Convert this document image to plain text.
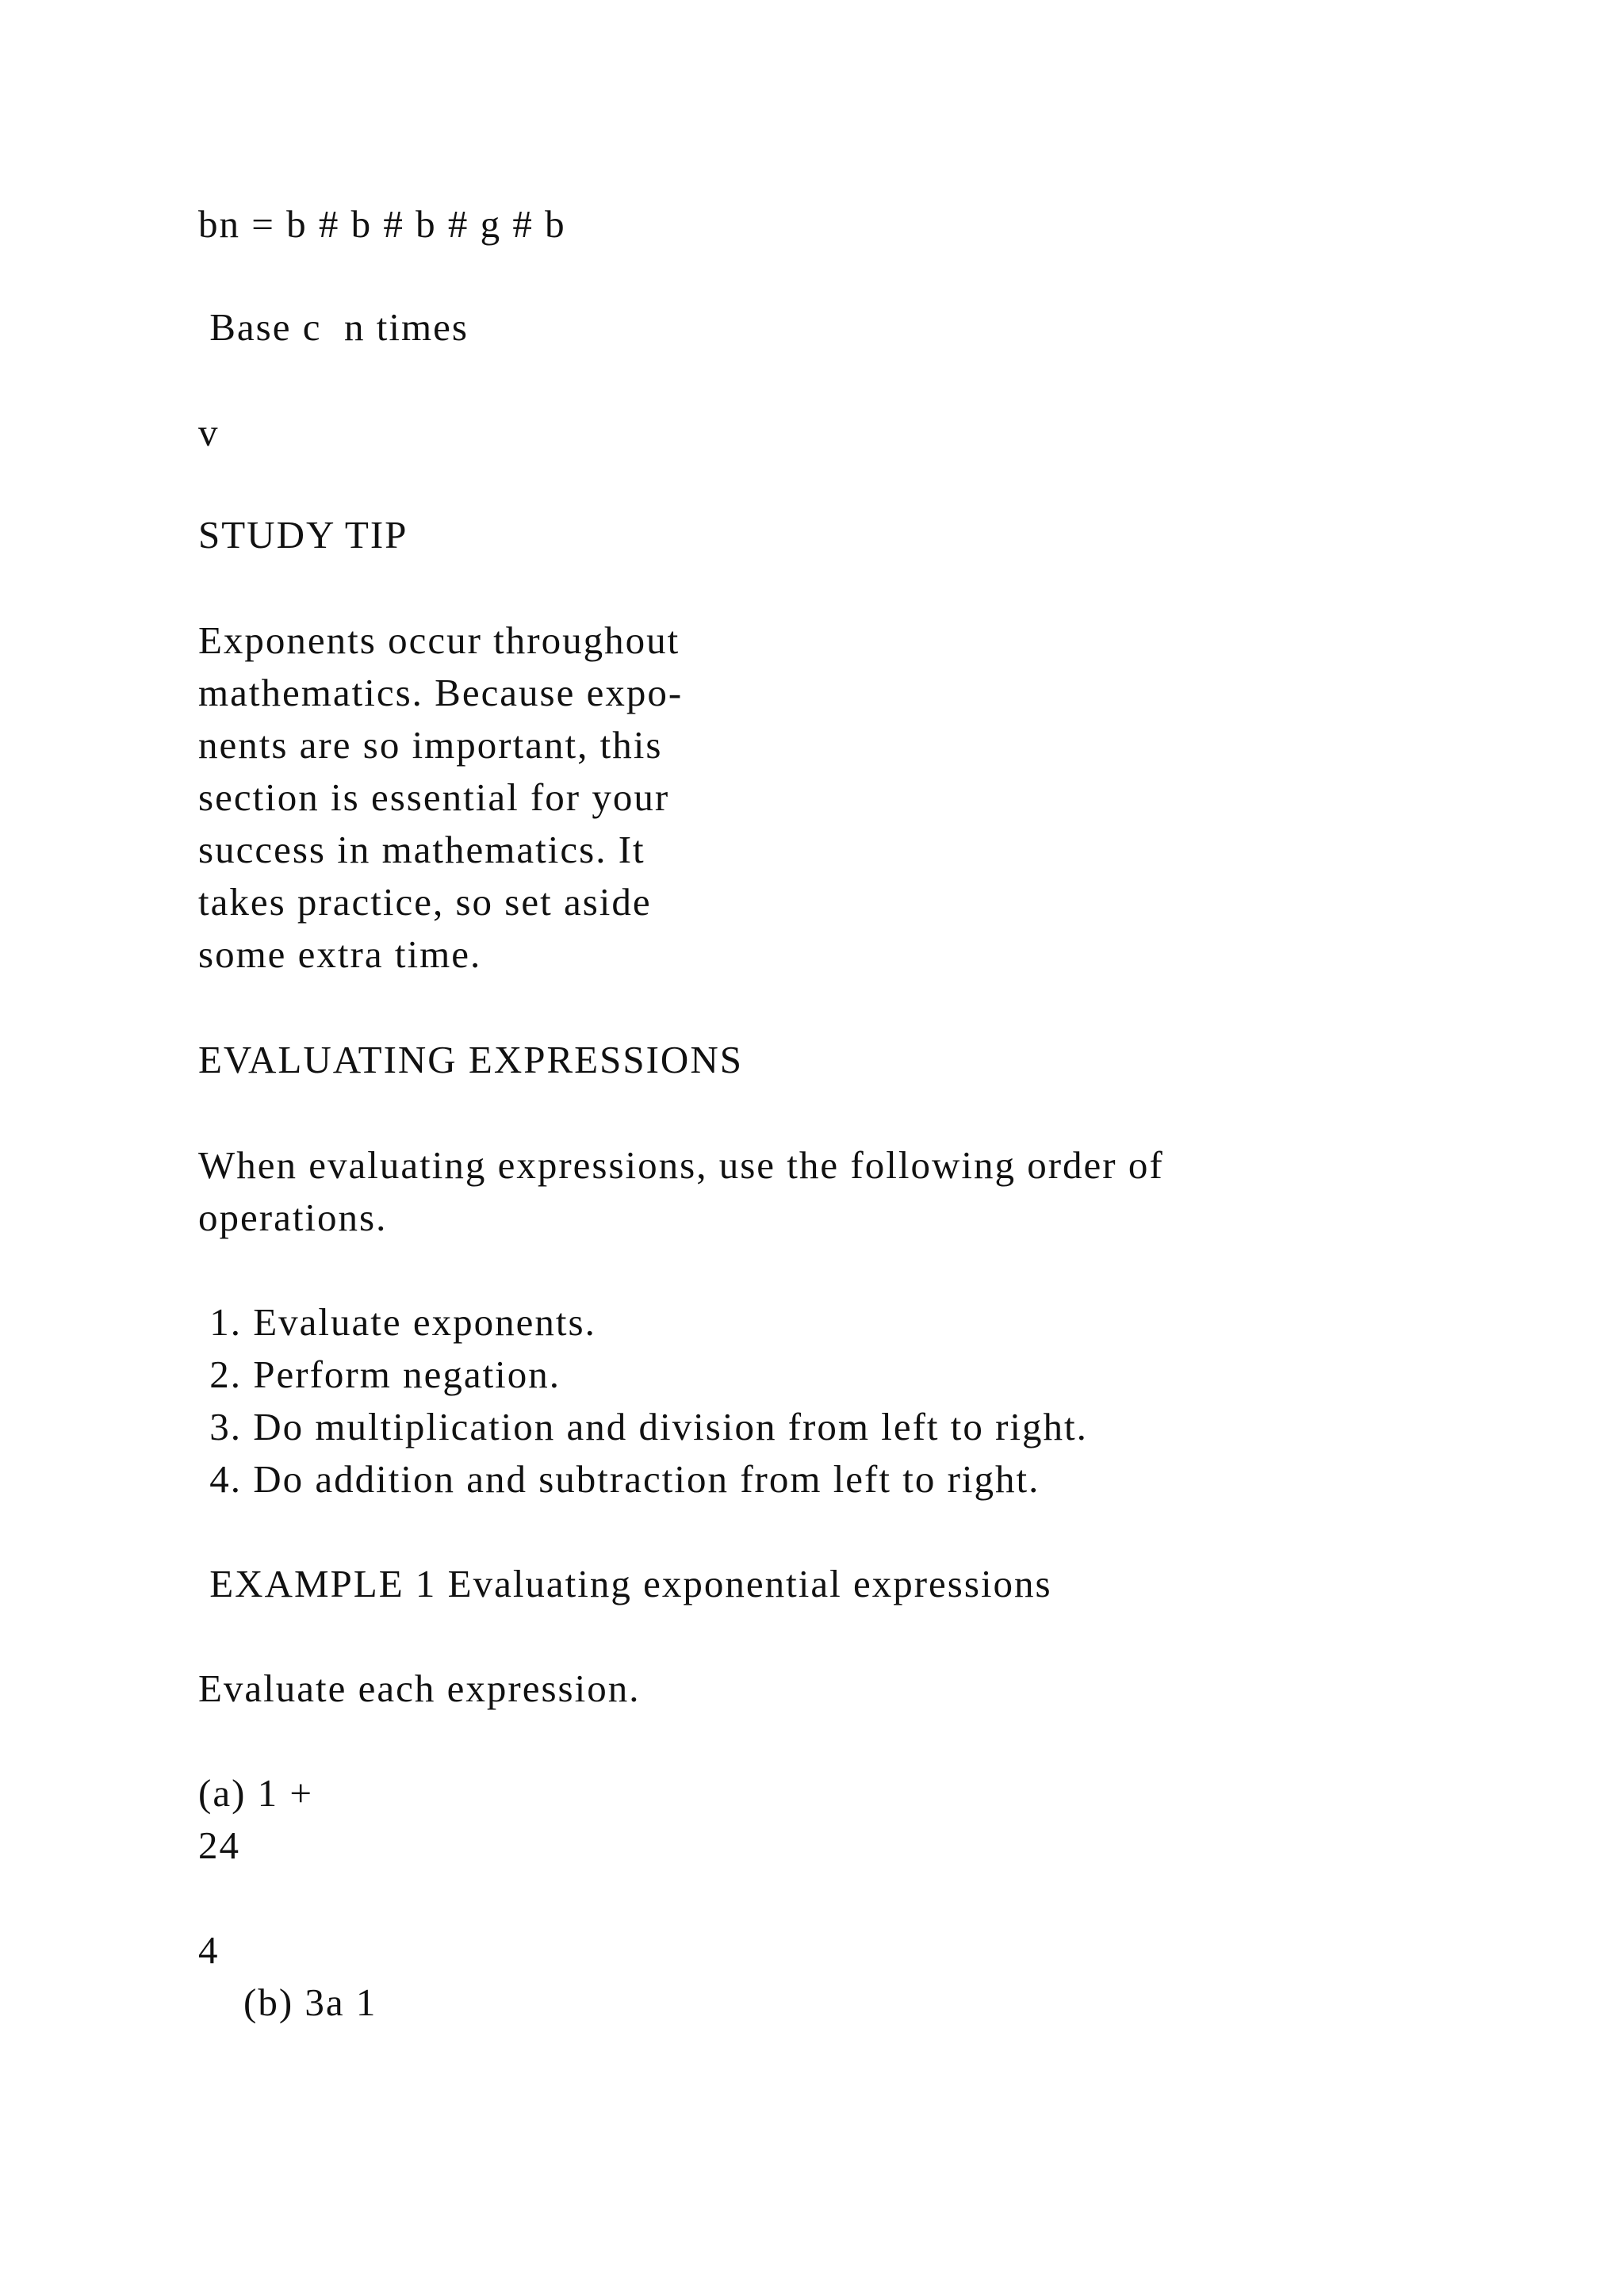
bn = b # b # b # g # b
Base c  n times
v
STUDY TIP
Exponents occur throughout
mathematics. Because expo-
nents are so important, this
section is essential for your
success in mathematics. It
takes practice, so set aside
some extra time.
EVALUATING EXPRESSIONS
When evaluating expressions, use the following order of
operations.
1. Evaluate exponents.
2. Perform negation.
3. Do multiplication and division from left to right.
4. Do addition and subtraction from left to right.
EXAMPLE 1 Evaluating exponential expressions
Evaluate each expression.
(a) 1 +
24
4
(b) 3a 1
